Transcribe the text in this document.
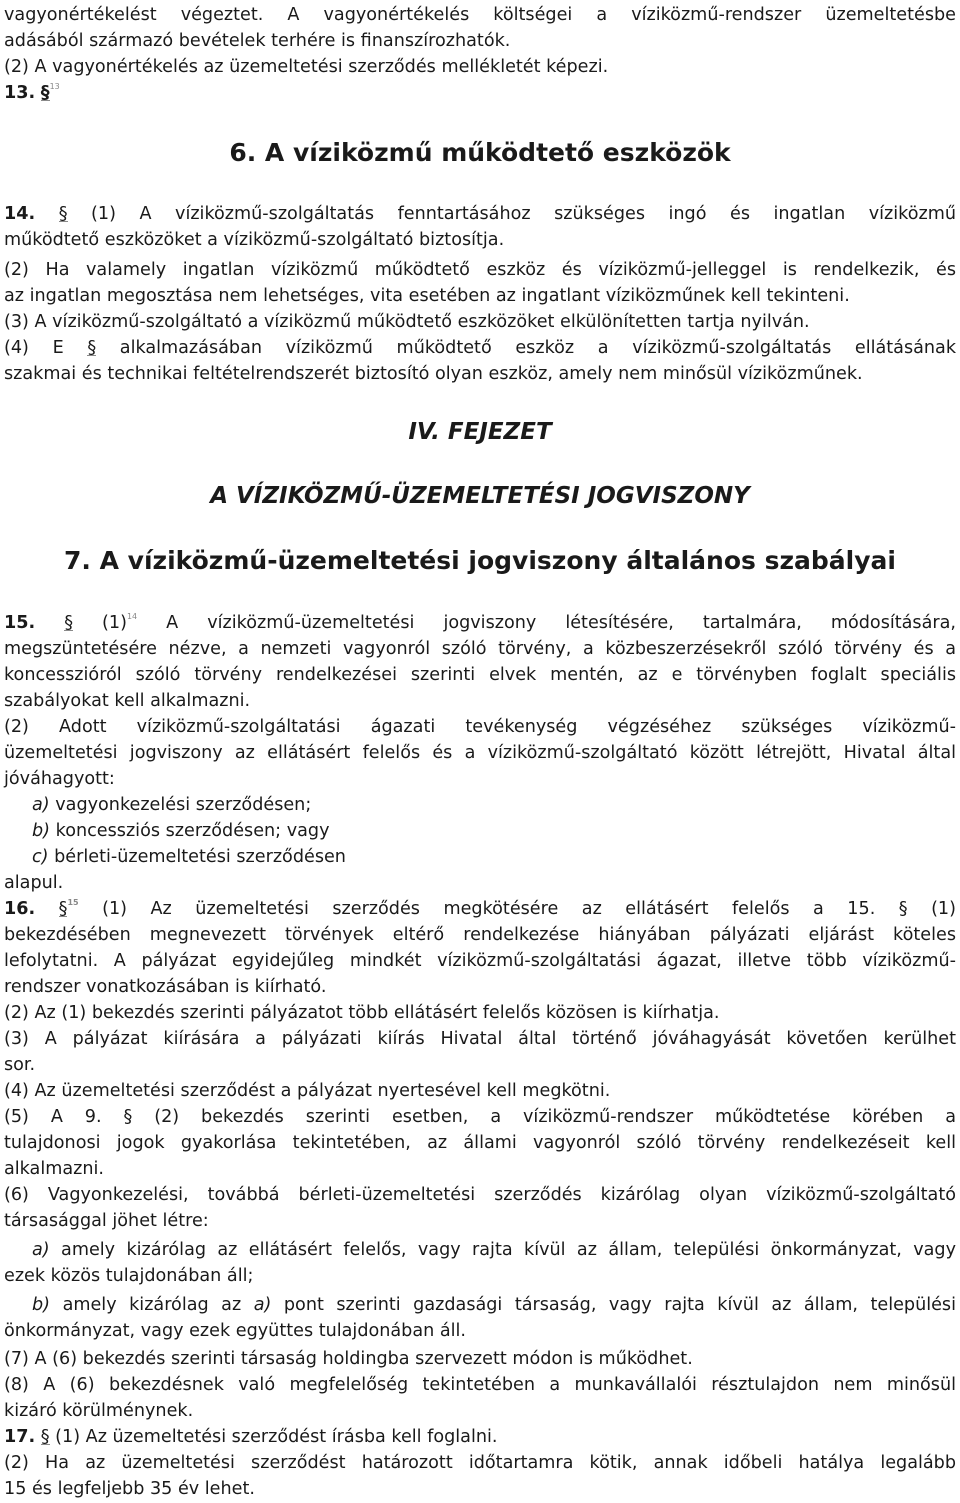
vagyonértékelést végeztet. A vagyonértékelés költségei a víziközmű-rendszer üzemeltetésbe
adásából származó bevételek terhére is finanszírozhatók.
(2) A vagyonértékelés az üzemeltetési szerződés mellékletét képezi.
13. §$^{13}$
6. A víziközmű működtető eszközök
14. § (1) A víziközmű-szolgáltatás fenntartásához szükséges ingó és ingatlan víziközmű
működtető eszközöket a víziközmű-szolgáltató biztosítja.
(2) Ha valamely ingatlan víziközmű működtető eszköz és víziközmű-jelleggel is rendelkezik, és
az ingatlan megosztása nem lehetséges, vita esetében az ingatlant víziközműnek kell tekinteni.
(3) A víziközmű-szolgáltató a víziközmű működtető eszközöket elkülönítetten tartja nyilván.
(4) E § alkalmazásában víziközmű működtető eszköz a víziközmű-szolgáltatás ellátásának
szakmai és technikai feltételrendszerét biztosító olyan eszköz, amely nem minősül víziközműnek.
IV. FEJEZET
A VÍZIKÖZMŰ-ÜZEMELTETÉSI JOGVISZONY
7. A víziközmű-üzemeltetési jogviszony általános szabályai
15. § (1)$^{14}$ A víziközmű-üzemeltetési jogviszony létesítésére, tartalmára, módosítására,
megszüntetésére nézve, a nemzeti vagyonról szóló törvény, a közbeszerzésekről szóló törvény és a
koncesszióról szóló törvény rendelkezései szerinti elvek mentén, az e törvényben foglalt speciális
szabályokat kell alkalmazni.
(2) Adott víziközmű-szolgáltatási ágazati tevékenység végzéséhez szükséges víziközmű-
üzemeltetési jogviszony az ellátásért felelős és a víziközmű-szolgáltató között létrejött, Hivatal által
jóváhagyott:
a) vagyonkezelési szerződésen;
b) koncessziós szerződésen; vagy
c) bérleti-üzemeltetési szerződésen
alapul.
16. §$^{15}$ (1) Az üzemeltetési szerződés megkötésére az ellátásért felelős a 15. § (1)
bekezdésében megnevezett törvények eltérő rendelkezése hiányában pályázati eljárást köteles
lefolytatni. A pályázat egyidejűleg mindkét víziközmű-szolgáltatási ágazat, illetve több víziközmű-
rendszer vonatkozásában is kiírható.
(2) Az (1) bekezdés szerinti pályázatot több ellátásért felelős közösen is kiírhatja.
(3) A pályázat kiírására a pályázati kiírás Hivatal által történő jóváhagyását követően kerülhet
sor.
(4) Az üzemeltetési szerződést a pályázat nyertesével kell megkötni.
(5) A 9. § (2) bekezdés szerinti esetben, a víziközmű-rendszer működtetése körében a
tulajdonosi jogok gyakorlása tekintetében, az állami vagyonról szóló törvény rendelkezéseit kell
alkalmazni.
(6) Vagyonkezelési, továbbá bérleti-üzemeltetési szerződés kizárólag olyan víziközmű-szolgáltató
társasággal jöhet létre:
a) amely kizárólag az ellátásért felelős, vagy rajta kívül az állam, települési önkormányzat, vagy
ezek közös tulajdonában áll;
b) amely kizárólag az a) pont szerinti gazdasági társaság, vagy rajta kívül az állam, települési
önkormányzat, vagy ezek együttes tulajdonában áll.
(7) A (6) bekezdés szerinti társaság holdingba szervezett módon is működhet.
(8) A (6) bekezdésnek való megfelelőség tekintetében a munkavállalói résztulajdon nem minősül
kizáró körülménynek.
17. § (1) Az üzemeltetési szerződést írásba kell foglalni.
(2) Ha az üzemeltetési szerződést határozott időtartamra kötik, annak időbeli hatálya legalább
15 és legfeljebb 35 év lehet.
